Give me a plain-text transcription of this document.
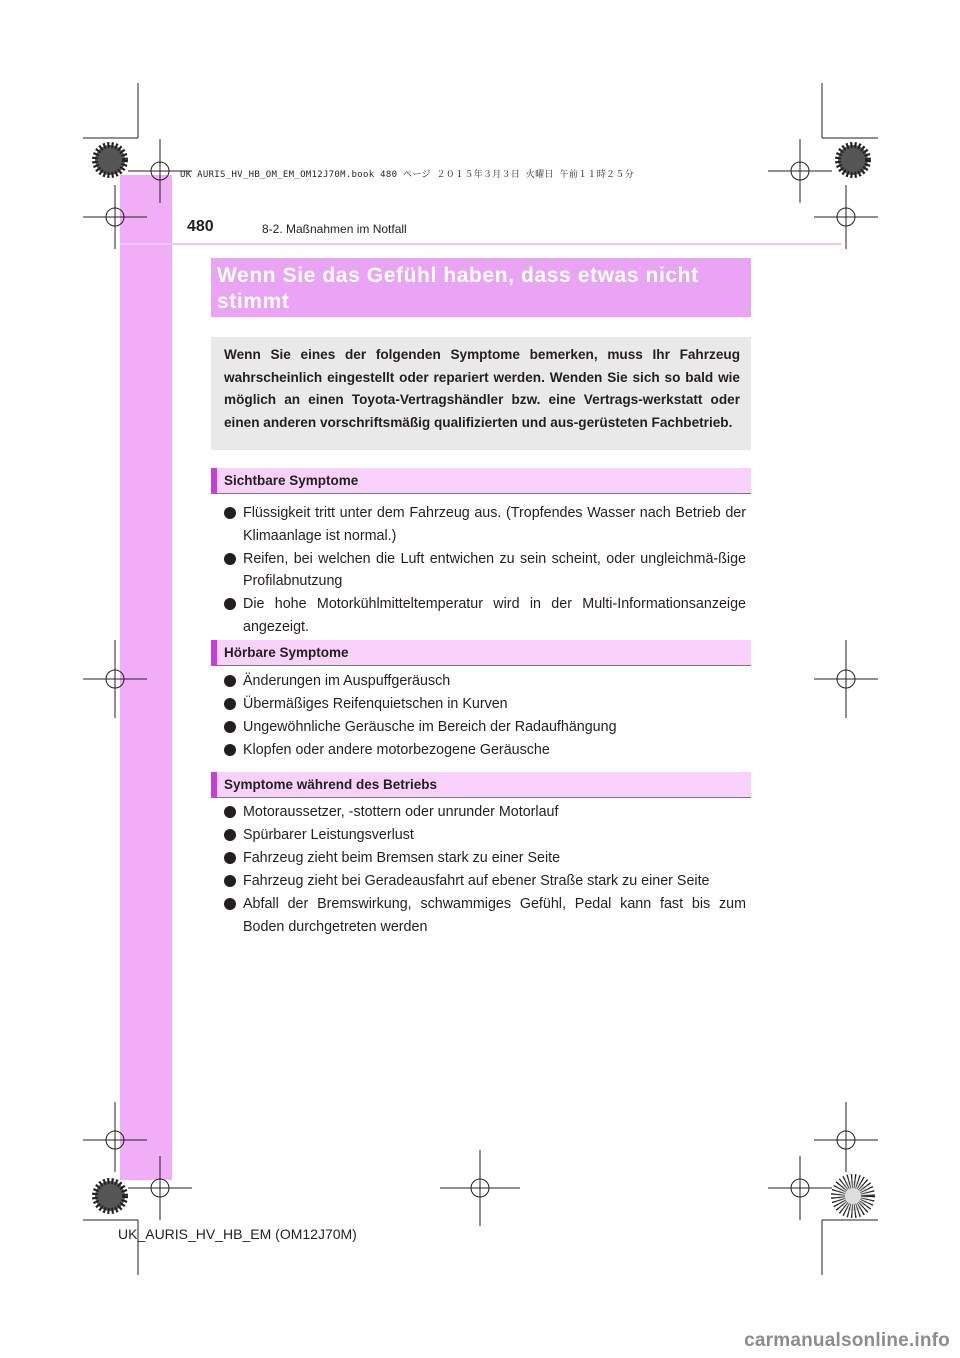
UK AURIS_HV_HB_OM_EM_OM12J70M.book 480 ページ ２０１５年３月３日 火曜日 午前１１時２５分
480	8-2. Maßnahmen im Notfall
Wenn Sie das Gefühl haben, dass etwas nicht stimmt
Wenn Sie eines der folgenden Symptome bemerken, muss Ihr Fahrzeug wahrscheinlich eingestellt oder repariert werden. Wenden Sie sich so bald wie möglich an einen Toyota-Vertragshändler bzw. eine Vertrags-werkstatt oder einen anderen vorschriftsmäßig qualifizierten und aus-gerüsteten Fachbetrieb.
Sichtbare Symptome
Flüssigkeit tritt unter dem Fahrzeug aus. (Tropfendes Wasser nach Betrieb der Klimaanlage ist normal.)
Reifen, bei welchen die Luft entwichen zu sein scheint, oder ungleichmä-ßige Profilabnutzung
Die hohe Motorkühlmitteltemperatur wird in der Multi-Informationsanzeige angezeigt.
Hörbare Symptome
Änderungen im Auspuffgeräusch
Übermäßiges Reifenquietschen in Kurven
Ungewöhnliche Geräusche im Bereich der Radaufhängung
Klopfen oder andere motorbezogene Geräusche
Symptome während des Betriebs
Motoraussetzer, -stottern oder unrunder Motorlauf
Spürbarer Leistungsverlust
Fahrzeug zieht beim Bremsen stark zu einer Seite
Fahrzeug zieht bei Geradeausfahrt auf ebener Straße stark zu einer Seite
Abfall der Bremswirkung, schwammiges Gefühl, Pedal kann fast bis zum Boden durchgetreten werden
UK_AURIS_HV_HB_EM (OM12J70M)
carmanualsonline.info
